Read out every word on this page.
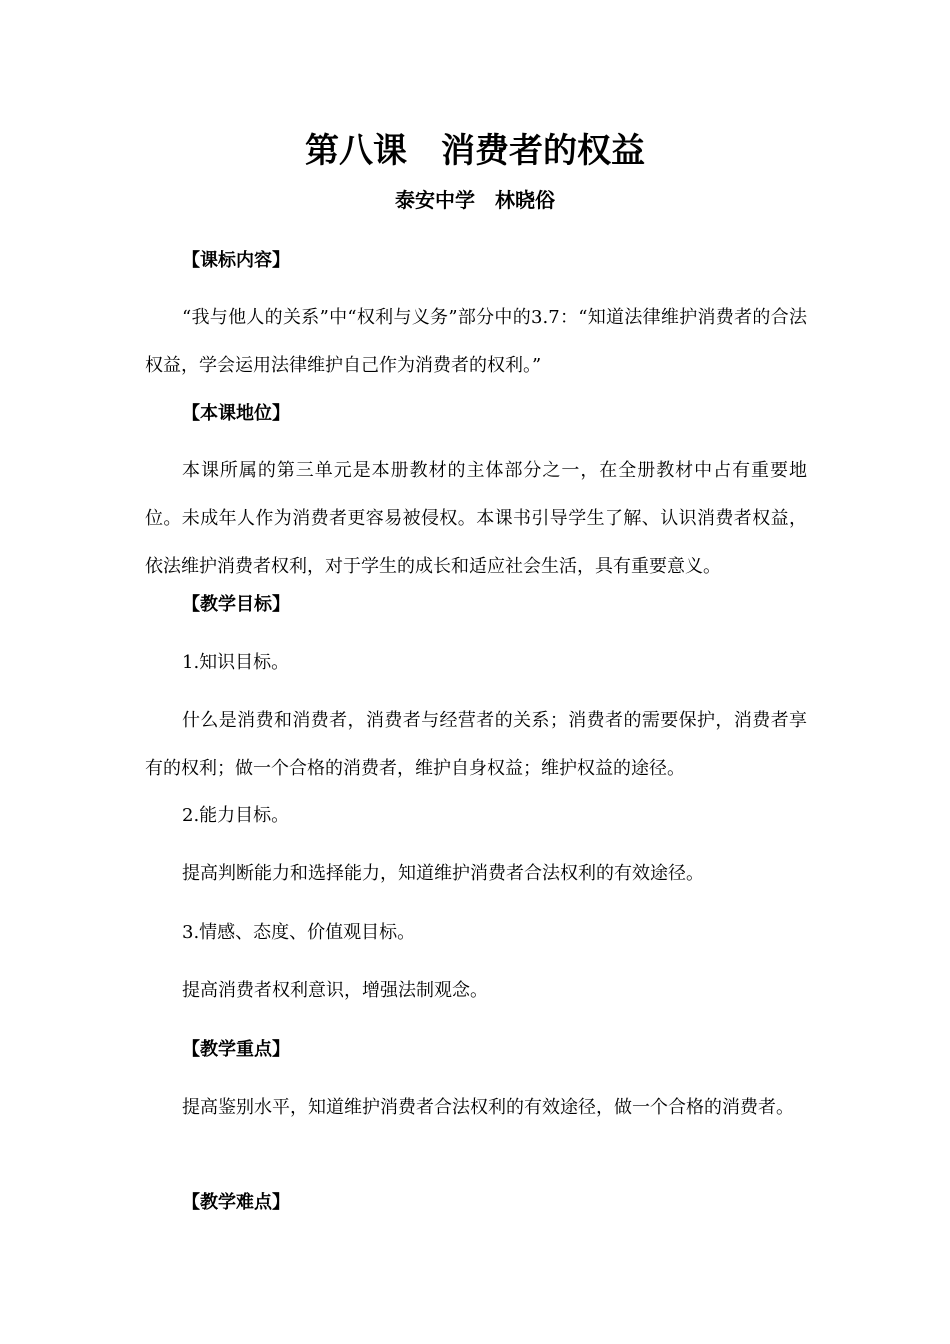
第八课　消费者的权益
泰安中学　林晓俗
【课标内容】
“我与他人的关系”中“权利与义务”部分中的3.7：“知道法律维护消费者的合法权益，学会运用法律维护自己作为消费者的权利。”
【本课地位】
本课所属的第三单元是本册教材的主体部分之一，在全册教材中占有重要地位。未成年人作为消费者更容易被侵权。本课书引导学生了解、认识消费者权益，依法维护消费者权利，对于学生的成长和适应社会生活，具有重要意义。
【教学目标】
1.知识目标。
什么是消费和消费者，消费者与经营者的关系；消费者的需要保护，消费者享有的权利；做一个合格的消费者，维护自身权益；维护权益的途径。
2.能力目标。
提高判断能力和选择能力，知道维护消费者合法权利的有效途径。
3.情感、态度、价值观目标。
提高消费者权利意识，增强法制观念。
【教学重点】
提高鉴别水平，知道维护消费者合法权利的有效途径，做一个合格的消费者。
【教学难点】
